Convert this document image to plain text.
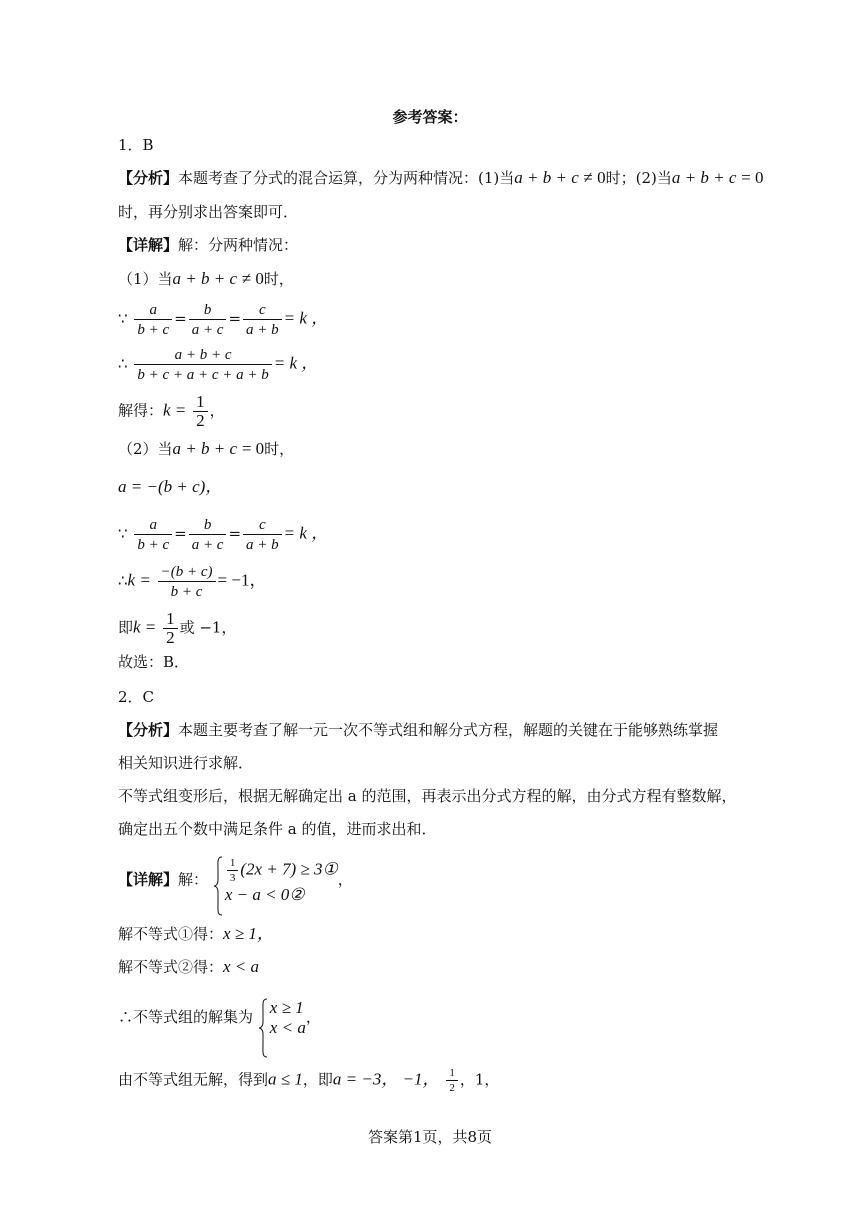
参考答案：
1．B
【分析】本题考查了分式的混合运算，分为两种情况：(1)当a + b + c ≠ 0时；(2)当a + b + c = 0
时，再分别求出答案即可．
【详解】解：分两种情况：
（1）当a + b + c ≠ 0时，
∵ $\frac{a}{b + c} = \frac{b}{a + c} = \frac{c}{a + b} = k$ ，
∴ $\frac{a + b + c}{b + c + a + c + a + b} = k$ ，
解得：$k = \frac{1}{2}$ ，
（2）当a + b + c = 0时，
a = −(b + c)，
∵ $\frac{a}{b + c} = \frac{b}{a + c} = \frac{c}{a + b} = k$ ，
∴k = $\frac{-(b + c)}{b + c} = -1$，
即$k = \frac{1}{2}$ 或 −1，
故选：B．
2．C
【分析】本题主要考查了解一元一次不等式组和解分式方程，解题的关键在于能够熟练掌握
相关知识进行求解．
不等式组变形后，根据无解确定出 a 的范围，再表示出分式方程的解，由分式方程有整数解，
确定出五个数中满足条件 a 的值，进而求出和．
【详解】解： $\frac{1}{3} (2x + 7)$ ≥ 3①
x − a < 0②
，
解不等式①得：x ≥ 1，
解不等式②得：x < a
∴不等式组的解集为 x ≥ 1
x < a
，
由不等式组无解，得到a ≤ 1，即a = −3， −1， $\frac{1}{2}$ ，1，
答案第1页，共8页
